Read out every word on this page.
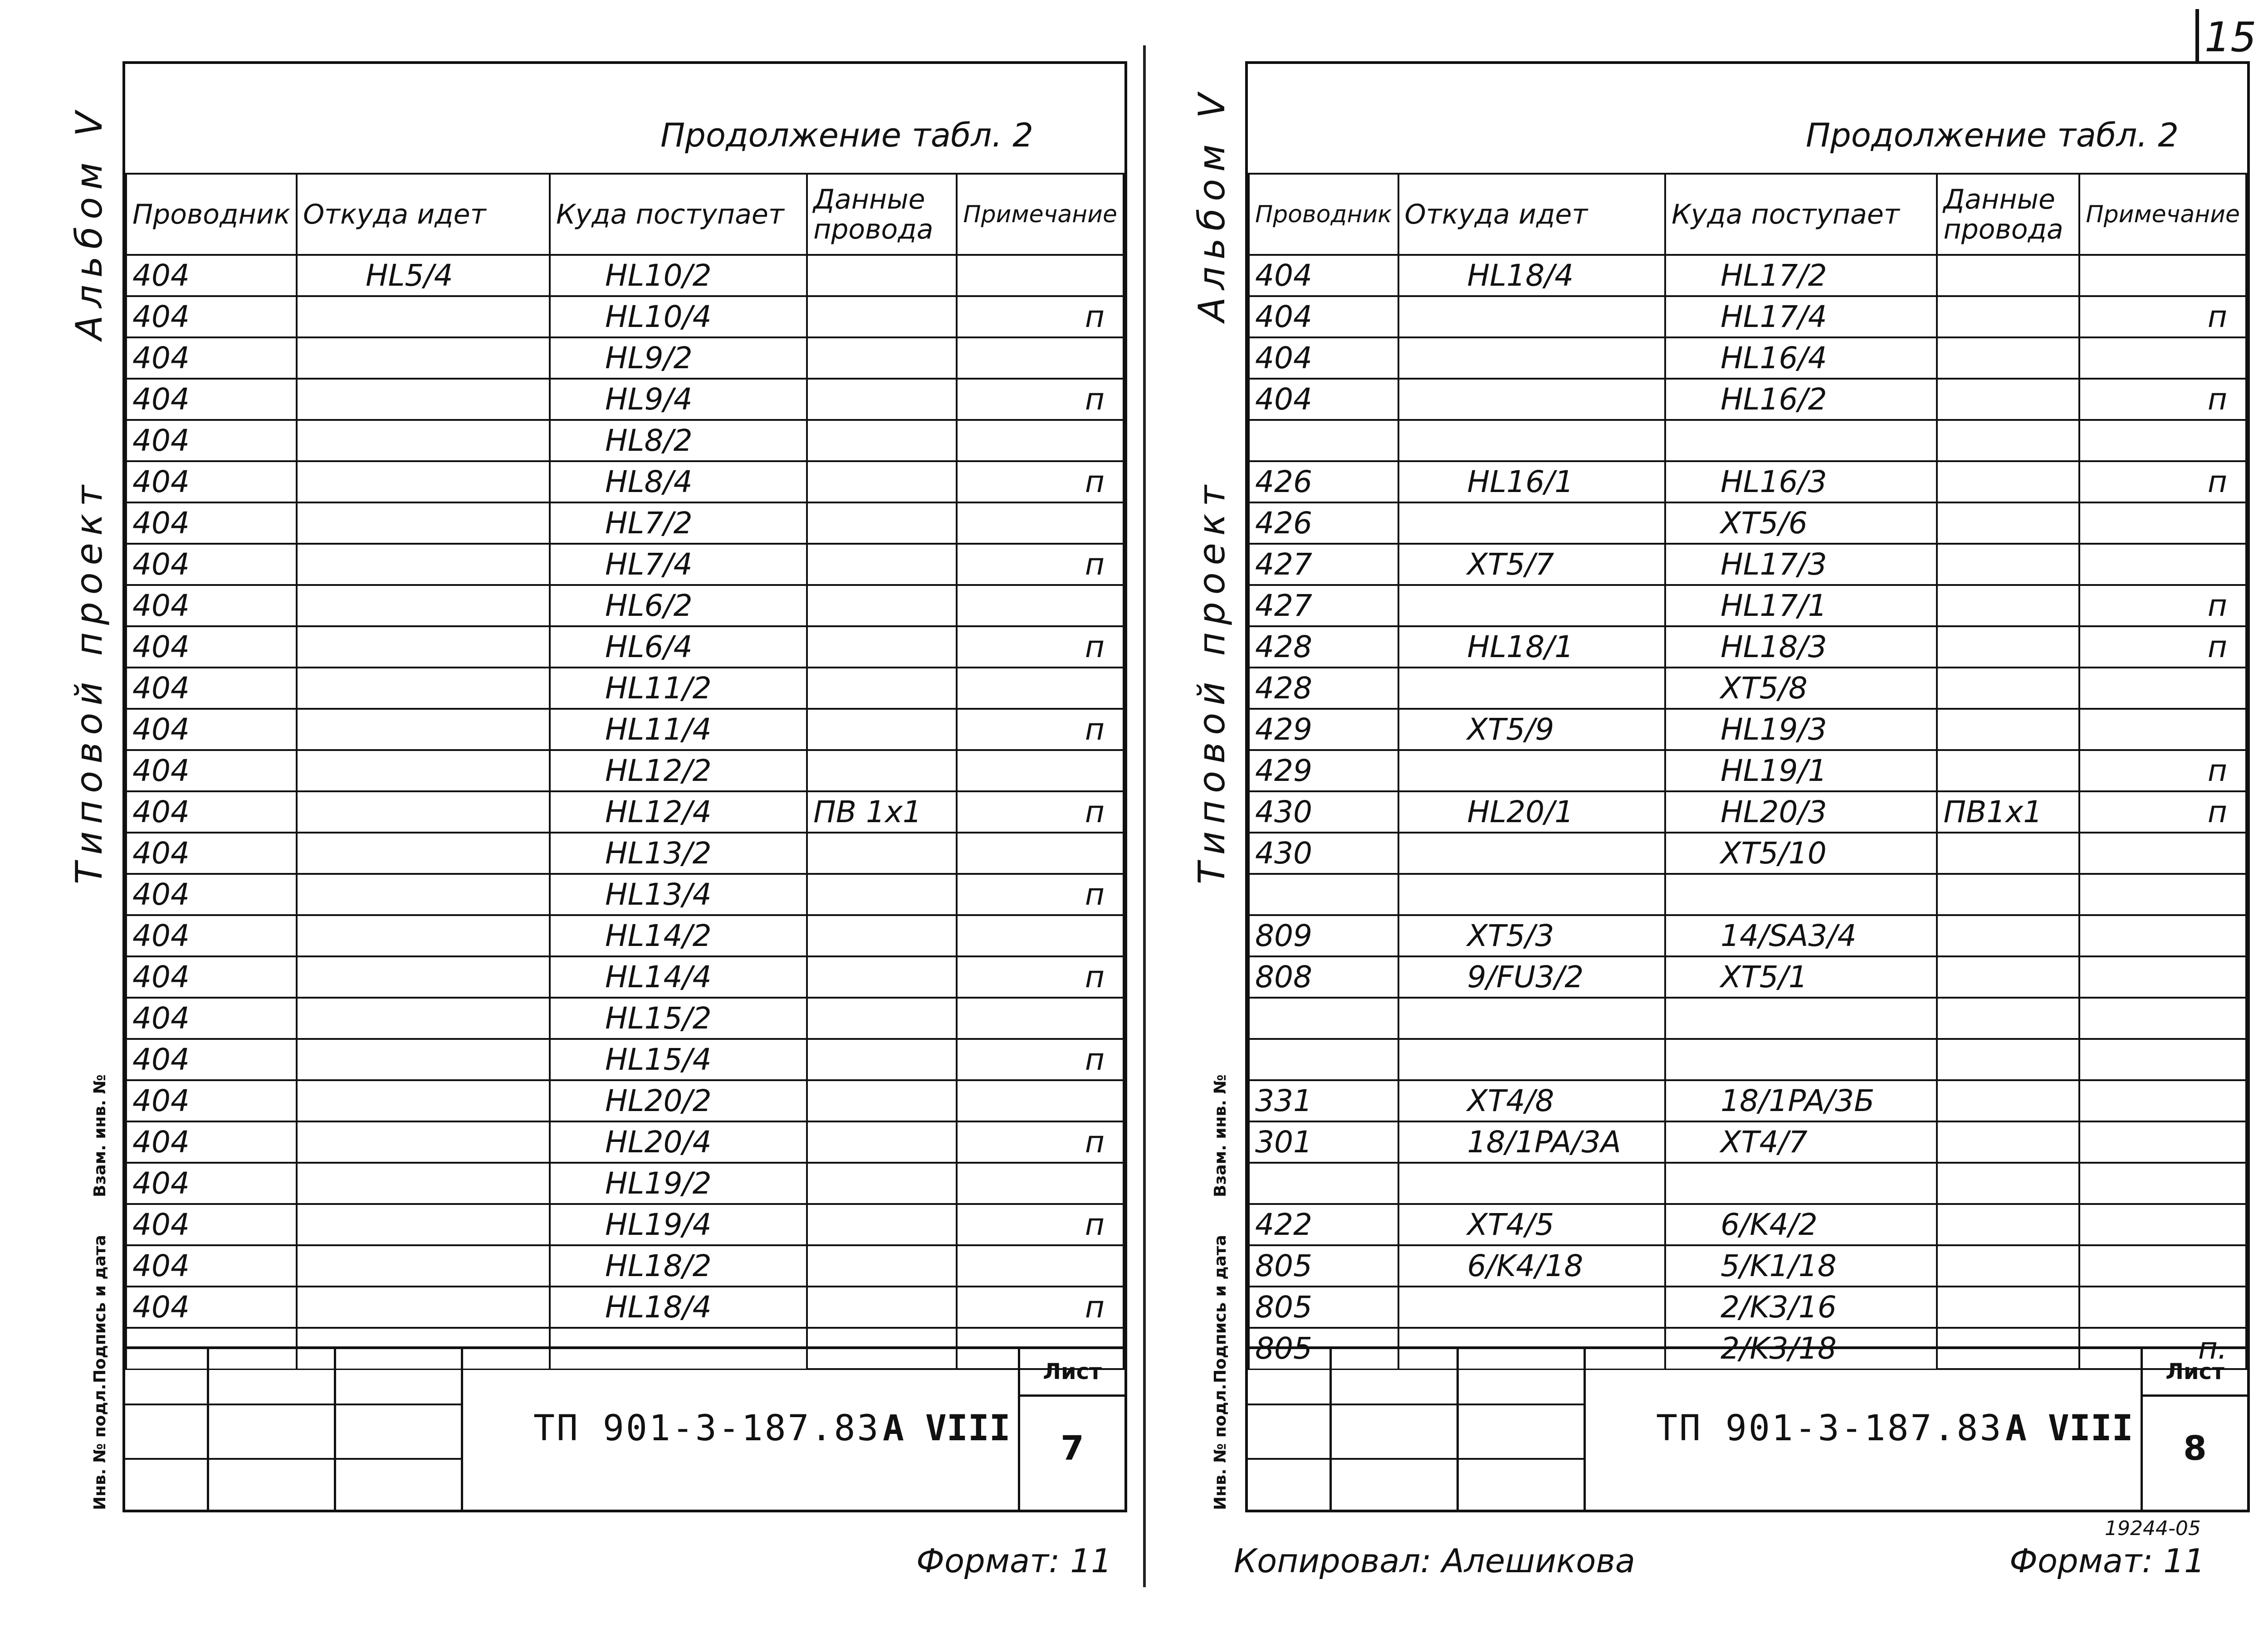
15
Альбом V
Типовой проект
Инв. № подл.
Подпись и дата
Взам. инв. №
Альбом V
Типовой проект
Инв. № подл.
Подпись и дата
Взам. инв. №
Продолжение табл. 2
Проводник	Откуда идет	Куда поступает	Данные провода	Примечание
404	HL5/4	HL10/2		
404		HL10/4		п
404		HL9/2		
404		HL9/4		п
404		HL8/2		
404		HL8/4		п
404		HL7/2		
404		HL7/4		п
404		HL6/2		
404		HL6/4		п
404		HL11/2		
404		HL11/4		п
404		HL12/2		
404		HL12/4	ПВ 1х1	п
404		HL13/2		
404		HL13/4		п
404		HL14/2		
404		HL14/4		п
404		HL15/2		
404		HL15/4		п
404		HL20/2		
404		HL20/4		п
404		HL19/2		
404		HL19/4		п
404		HL18/2		
404		HL18/4		п

ТП 901-3-187.83 А VIII
Лист
7
Формат: 11
Продолжение табл. 2
Проводник	Откуда идет	Куда поступает	Данные провода	Примечание
404	HL18/4	HL17/2		
404		HL17/4		п
404		HL16/4		
404		HL16/2		п

426	HL16/1	HL16/3		п
426		XT5/6		
427	XT5/7	HL17/3		
427		HL17/1		п
428	HL18/1	HL18/3		п
428		XT5/8		
429	XT5/9	HL19/3		
429		HL19/1		п
430	HL20/1	HL20/3	ПВ1х1	п
430		XT5/10		

809	XT5/3	14/SA3/4		
808	9/FU3/2	XT5/1		

331	XT4/8	18/1PA/3Б		
301	18/1PA/3A	XT4/7		

422	XT4/5	6/K4/2		
805	6/K4/18	5/K1/18		
805		2/K3/16		
805		2/K3/18		п.
ТП 901-3-187.83 А VIII
Лист
8
19244-05
Копировал: Алешикова	Формат: 11
